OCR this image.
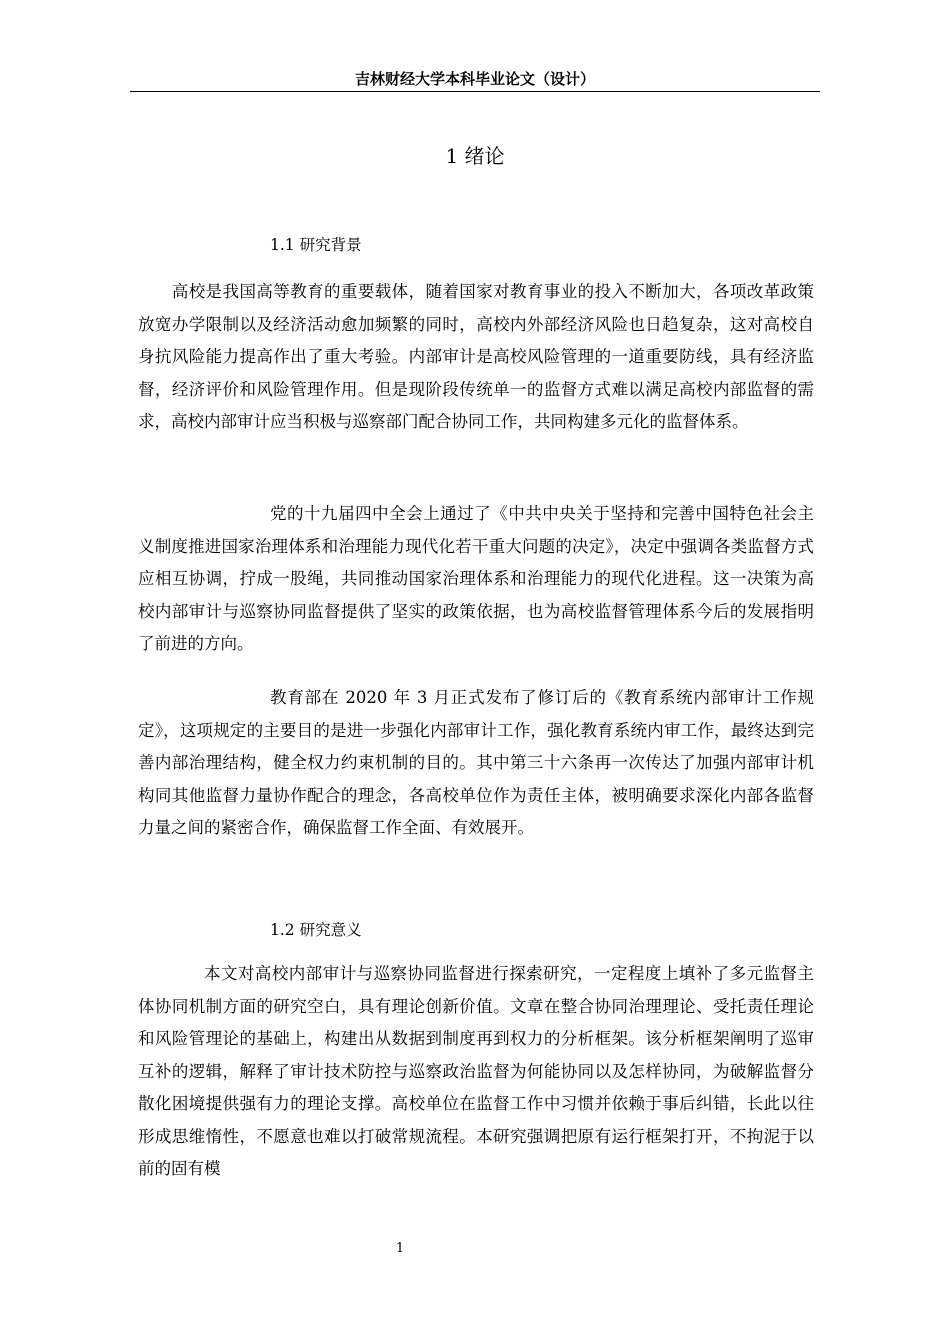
吉林财经大学本科毕业论文（设计）
1 绪论
1.1 研究背景
　　高校是我国高等教育的重要载体，随着国家对教育事业的投入不断加大，各项改革政策放宽办学限制以及经济活动愈加频繁的同时，高校内外部经济风险也日趋复杂，这对高校自身抗风险能力提高作出了重大考验。内部审计是高校风险管理的一道重要防线，具有经济监督，经济评价和风险管理作用。但是现阶段传统单一的监督方式难以满足高校内部监督的需求，高校内部审计应当积极与巡察部门配合协同工作，共同构建多元化的监督体系。
党的十九届四中全会上通过了《中共中央关于坚持和完善中国特色社会主义制度推进国家治理体系和治理能力现代化若干重大问题的决定》，决定中强调各类监督方式应相互协调，拧成一股绳，共同推动国家治理体系和治理能力的现代化进程。这一决策为高校内部审计与巡察协同监督提供了坚实的政策依据，也为高校监督管理体系今后的发展指明了前进的方向。
教育部在 2020 年 3 月正式发布了修订后的《教育系统内部审计工作规定》，这项规定的主要目的是进一步强化内部审计工作，强化教育系统内审工作，最终达到完善内部治理结构，健全权力约束机制的目的。其中第三十六条再一次传达了加强内部审计机构同其他监督力量协作配合的理念，各高校单位作为责任主体，被明确要求深化内部各监督力量之间的紧密合作，确保监督工作全面、有效展开。
1.2 研究意义
本文对高校内部审计与巡察协同监督进行探索研究，一定程度上填补了多元监督主体协同机制方面的研究空白，具有理论创新价值。文章在整合协同治理理论、受托责任理论和风险管理论的基础上，构建出从数据到制度再到权力的分析框架。该分析框架阐明了巡审互补的逻辑，解释了审计技术防控与巡察政治监督为何能协同以及怎样协同，为破解监督分散化困境提供强有力的理论支撑。高校单位在监督工作中习惯并依赖于事后纠错，长此以往形成思维惰性，不愿意也难以打破常规流程。本研究强调把原有运行框架打开，不拘泥于以前的固有模
1
